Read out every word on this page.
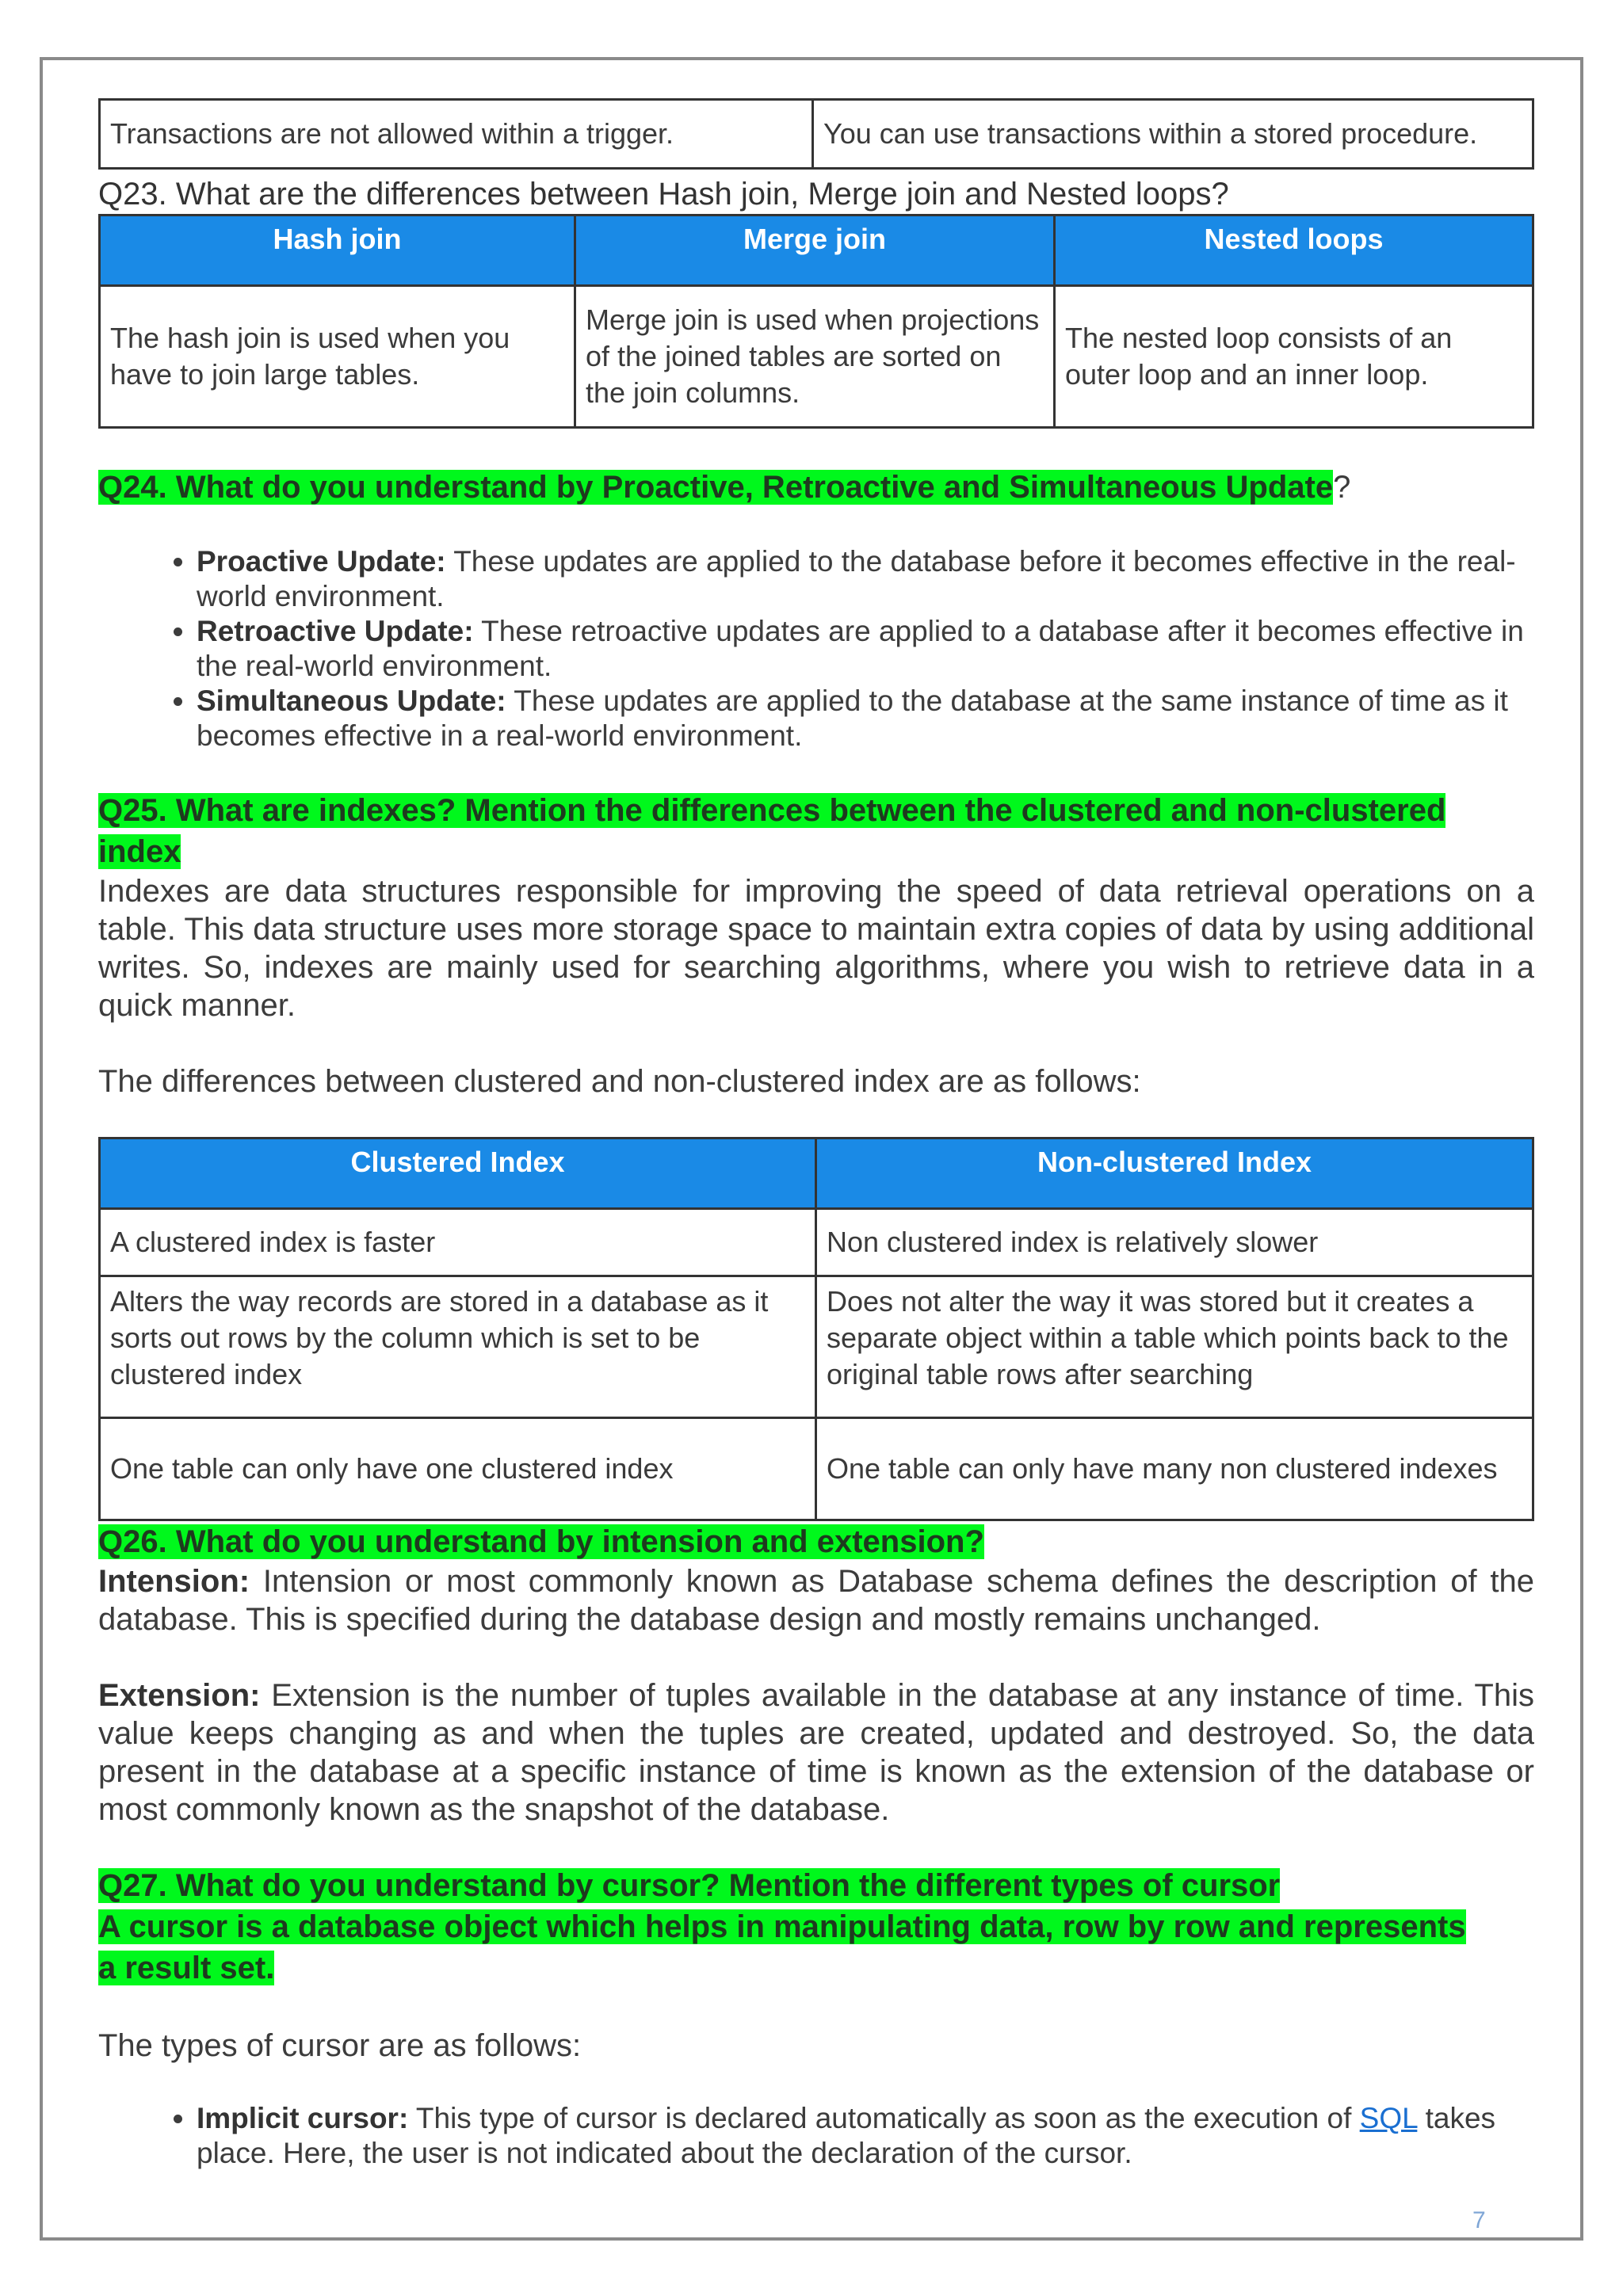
Transactions are not allowed within a trigger.	You can use transactions within a stored procedure.

Q23. What are the differences between Hash join, Merge join and Nested loops?

Hash join	Merge join	Nested loops
The hash join is used when you have to join large tables.	Merge join is used when projections of the joined tables are sorted on the join columns.	The nested loop consists of an outer loop and an inner loop.

Q24. What do you understand by Proactive, Retroactive and Simultaneous Update?

• Proactive Update: These updates are applied to the database before it becomes effective in the real-world environment.
• Retroactive Update: These retroactive updates are applied to a database after it becomes effective in the real-world environment.
• Simultaneous Update: These updates are applied to the database at the same instance of time as it becomes effective in a real-world environment.

Q25. What are indexes? Mention the differences between the clustered and non-clustered
index

Indexes are data structures responsible for improving the speed of data retrieval operations on a table. This data structure uses more storage space to maintain extra copies of data by using additional writes. So, indexes are mainly used for searching algorithms, where you wish to retrieve data in a quick manner.

The differences between clustered and non-clustered index are as follows:

Clustered Index	Non-clustered Index
A clustered index is faster	Non clustered index is relatively slower
Alters the way records are stored in a database as it sorts out rows by the column which is set to be clustered index	Does not alter the way it was stored but it creates a separate object within a table which points back to the original table rows after searching
One table can only have one clustered index	One table can only have many non clustered indexes

Q26. What do you understand by intension and extension?

Intension: Intension or most commonly known as Database schema defines the description of the database. This is specified during the database design and mostly remains unchanged.

Extension: Extension is the number of tuples available in the database at any instance of time. This value keeps changing as and when the tuples are created, updated and destroyed. So, the data present in the database at a specific instance of time is known as the extension of the database or most commonly known as the snapshot of the database.

Q27. What do you understand by cursor? Mention the different types of cursor
A cursor is a database object which helps in manipulating data, row by row and represents
a result set.

The types of cursor are as follows:

• Implicit cursor: This type of cursor is declared automatically as soon as the execution of SQL takes place. Here, the user is not indicated about the declaration of the cursor.
7
